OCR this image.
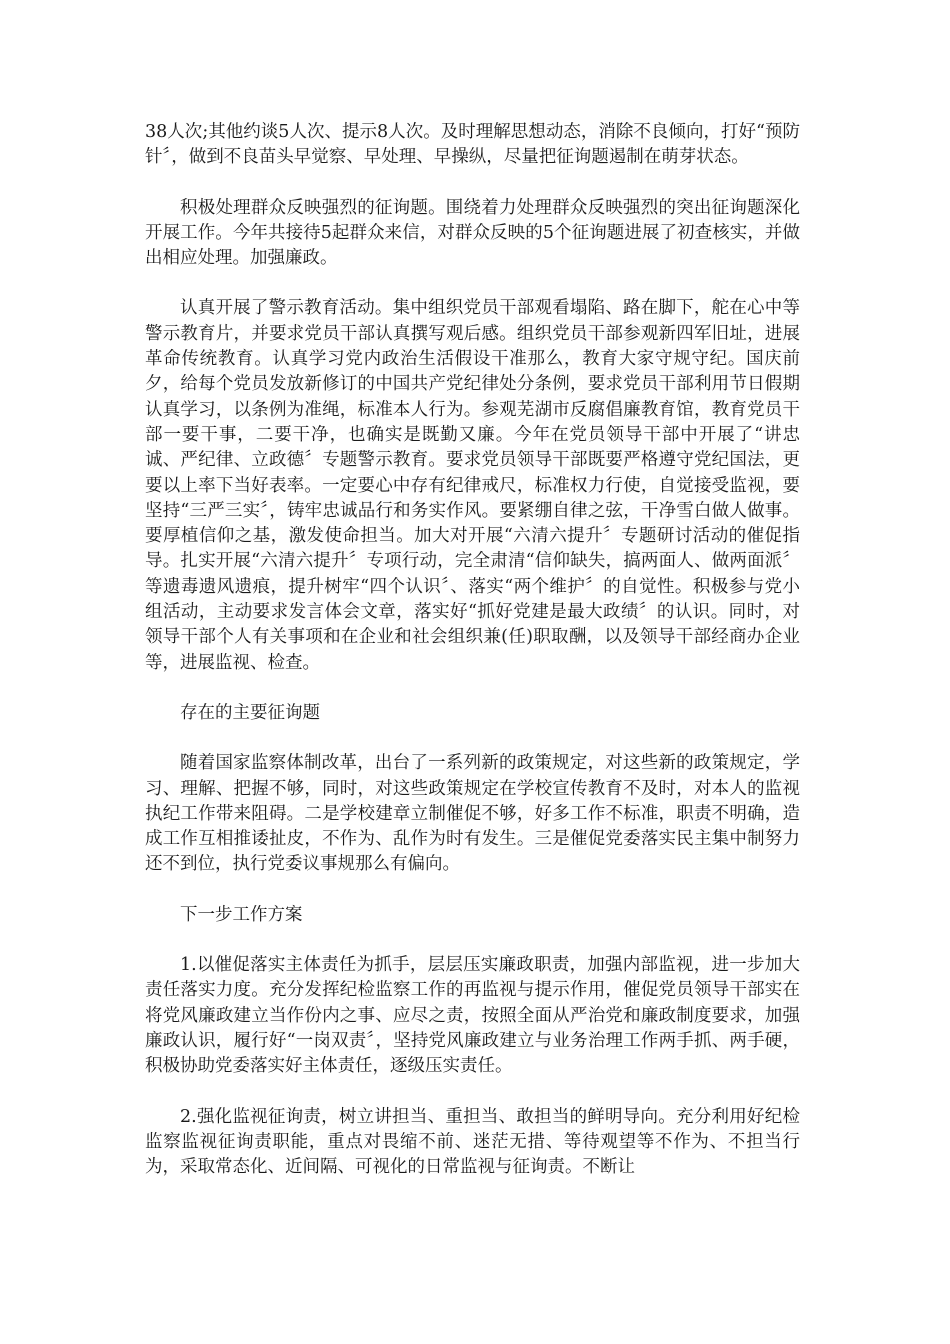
38人次;其他约谈5人次、提示8人次。及时理解思想动态，消除不良倾向，打好“预防针〞，做到不良苗头早觉察、早处理、早操纵，尽量把征询题遏制在萌芽状态。

积极处理群众反映强烈的征询题。围绕着力处理群众反映强烈的突出征询题深化开展工作。今年共接待5起群众来信，对群众反映的5个征询题进展了初查核实，并做出相应处理。加强廉政。

认真开展了警示教育活动。集中组织党员干部观看塌陷、路在脚下，舵在心中等警示教育片，并要求党员干部认真撰写观后感。组织党员干部参观新四军旧址，进展革命传统教育。认真学习党内政治生活假设干准那么，教育大家守规守纪。国庆前夕，给每个党员发放新修订的中国共产党纪律处分条例，要求党员干部利用节日假期认真学习，以条例为准绳，标准本人行为。参观芜湖市反腐倡廉教育馆，教育党员干部一要干事，二要干净，也确实是既勤又廉。今年在党员领导干部中开展了“讲忠诚、严纪律、立政德〞专题警示教育。要求党员领导干部既要严格遵守党纪国法，更要以上率下当好表率。一定要心中存有纪律戒尺，标准权力行使，自觉接受监视，要坚持“三严三实〞，铸牢忠诚品行和务实作风。要紧绷自律之弦，干净雪白做人做事。要厚植信仰之基，激发使命担当。加大对开展“六清六提升〞专题研讨活动的催促指导。扎实开展“六清六提升〞专项行动，完全肃清“信仰缺失，搞两面人、做两面派〞等遗毒遗风遗痕，提升树牢“四个认识〞、落实“两个维护〞的自觉性。积极参与党小组活动，主动要求发言体会文章，落实好“抓好党建是最大政绩〞的认识。同时，对领导干部个人有关事项和在企业和社会组织兼(任)职取酬，以及领导干部经商办企业等，进展监视、检查。

存在的主要征询题

随着国家监察体制改革，出台了一系列新的政策规定，对这些新的政策规定，学习、理解、把握不够，同时，对这些政策规定在学校宣传教育不及时，对本人的监视执纪工作带来阻碍。二是学校建章立制催促不够，好多工作不标准，职责不明确，造成工作互相推诿扯皮，不作为、乱作为时有发生。三是催促党委落实民主集中制努力还不到位，执行党委议事规那么有偏向。

下一步工作方案

1.以催促落实主体责任为抓手，层层压实廉政职责，加强内部监视，进一步加大责任落实力度。充分发挥纪检监察工作的再监视与提示作用，催促党员领导干部实在将党风廉政建立当作份内之事、应尽之责，按照全面从严治党和廉政制度要求，加强廉政认识，履行好“一岗双责〞，坚持党风廉政建立与业务治理工作两手抓、两手硬，积极协助党委落实好主体责任，逐级压实责任。

2.强化监视征询责，树立讲担当、重担当、敢担当的鲜明导向。充分利用好纪检监察监视征询责职能，重点对畏缩不前、迷茫无措、等待观望等不作为、不担当行为，采取常态化、近间隔、可视化的日常监视与征询责。不断让
